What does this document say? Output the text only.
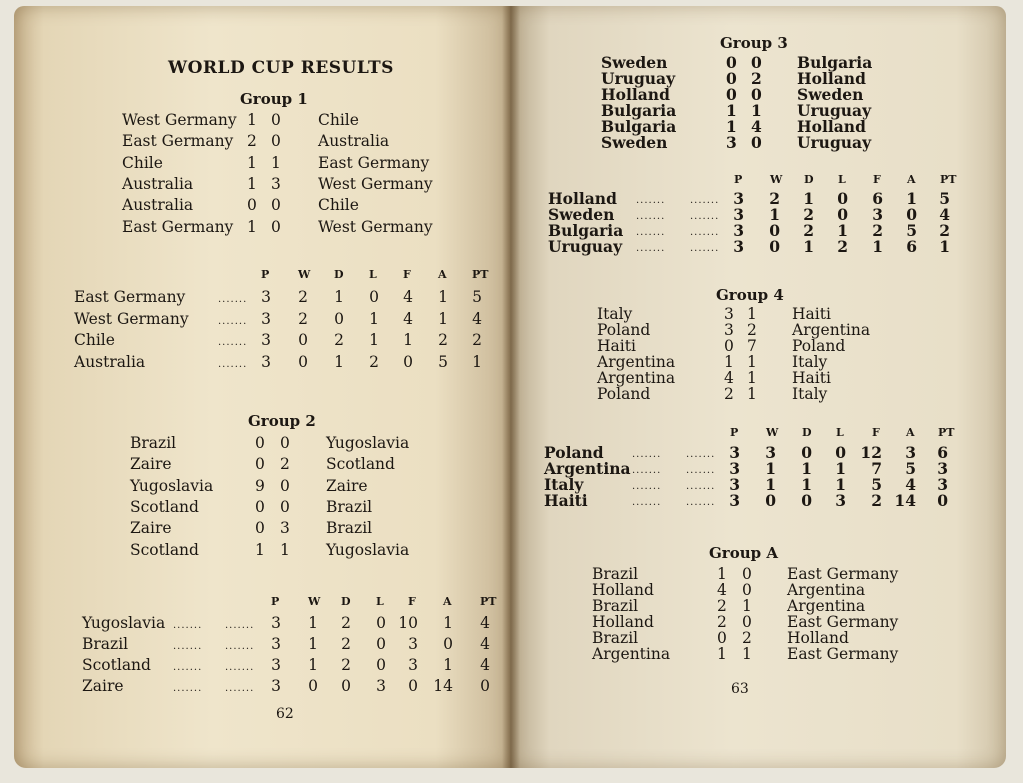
WORLD CUP RESULTS
Group 1
West Germany 1 0 Chile
East Germany 2 0 Australia
Chile	1 1 East Germany
Australia	1 3 West Germany
Australia	0 0 Chile
East Germany 1 0 West Germany
P	W D L F A PT
East Germany	....... 3 2 1 0 4 1 5
West Germany	....... 3 2 0 1 4 1 4
Chile	....... 3 0 2 1 1 2 2
Australia	....... 3 0 1 2 0 5 1
Group 2
Brazil	0 0 Yugoslavia
Zaire	0 2 Scotland
Yugoslavia	9 0 Zaire
Scotland	0 0 Brazil
Zaire	0 3 Brazil
Scotland	1 1 Yugoslavia
P	W D L F A	PT
Yugoslavia ....... ....... 3 1 2 0 10 1 4
Brazil	....... ....... 3 1 2 0 3 0 4
Scotland ....... ....... 3 1 2 0 3 1 4
Zaire	....... ....... 3 0 0 3 0 14 0
62
Group 3
Sweden	0 0 Bulgaria
Uruguay	0 2 Holland
Holland	0 0 Sweden
Bulgaria	1 1 Uruguay
Bulgaria	1 4 Holland
Sweden	3 0 Uruguay
P	W D L F A PT
Holland ....... ....... 3 2 1 0 6 1 5
Sweden ....... ....... 3 1 2 0 3 0 4
Bulgaria ....... ....... 3 0 2 1 2 5 2
Uruguay ....... ....... 3 0 1 2 1 6 1
Group 4
Italy	3 1 Haiti
Poland	3 2 Argentina
Haiti	0 7 Poland
Argentina	1 1 Italy
Argentina	4 1 Haiti
Poland	2 1 Italy
P	W D L	F A PT
Poland	....... ....... 3 3 0 0 12 3 6
Argentina ....... ....... 3 1 1 1 7 5 3
Italy	....... ....... 3 1 1 1 5 4 3
Haiti	....... ....... 3 0 0 3 2 14 0
Group A
Brazil	1 0 East Germany
Holland	4 0 Argentina
Brazil	2 1 Argentina
Holland	2 0 East Germany
Brazil	0 2 Holland
Argentina	1 1 East Germany
63
